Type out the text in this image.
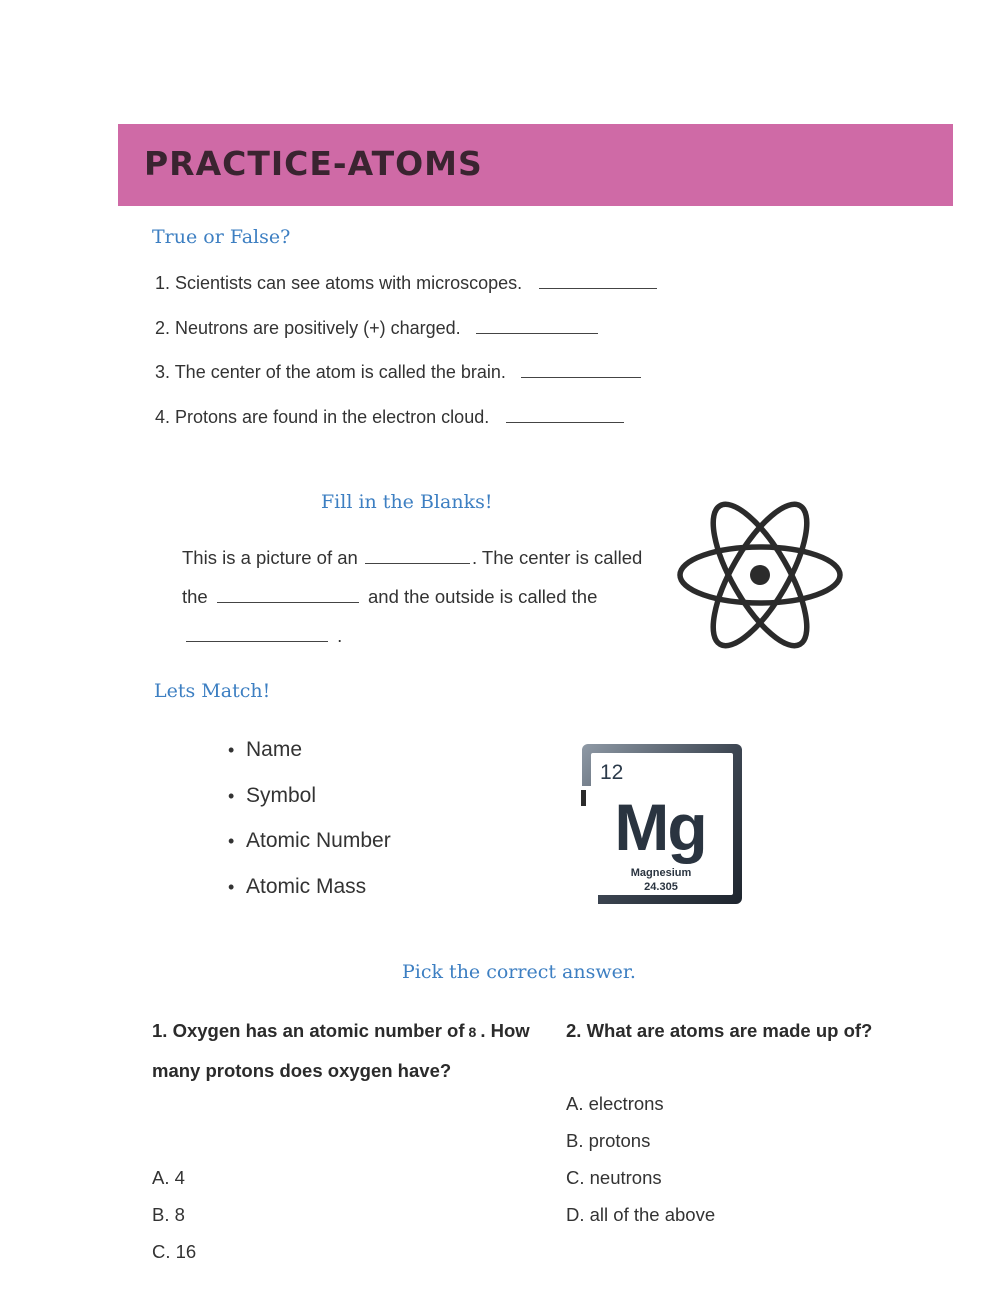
PRACTICE-ATOMS
True or False?
1. Scientists can see atoms with microscopes.
2. Neutrons are positively (+) charged.
3. The center of the atom is called the brain.
4. Protons are found in the electron cloud.
Fill in the Blanks!
This is a picture of an	. The center is called the	and the outside is called the  .
Lets Match!
• Name
• Symbol
• Atomic Number
• Atomic Mass
12
Mg
Magnesium
24.305
Pick the correct answer.
1. Oxygen has an atomic number of 8 . How many protons does oxygen have?
A. 4
B. 8
C. 16
2. What are atoms are made up of?
A. electrons
B. protons
C. neutrons
D. all of the above
